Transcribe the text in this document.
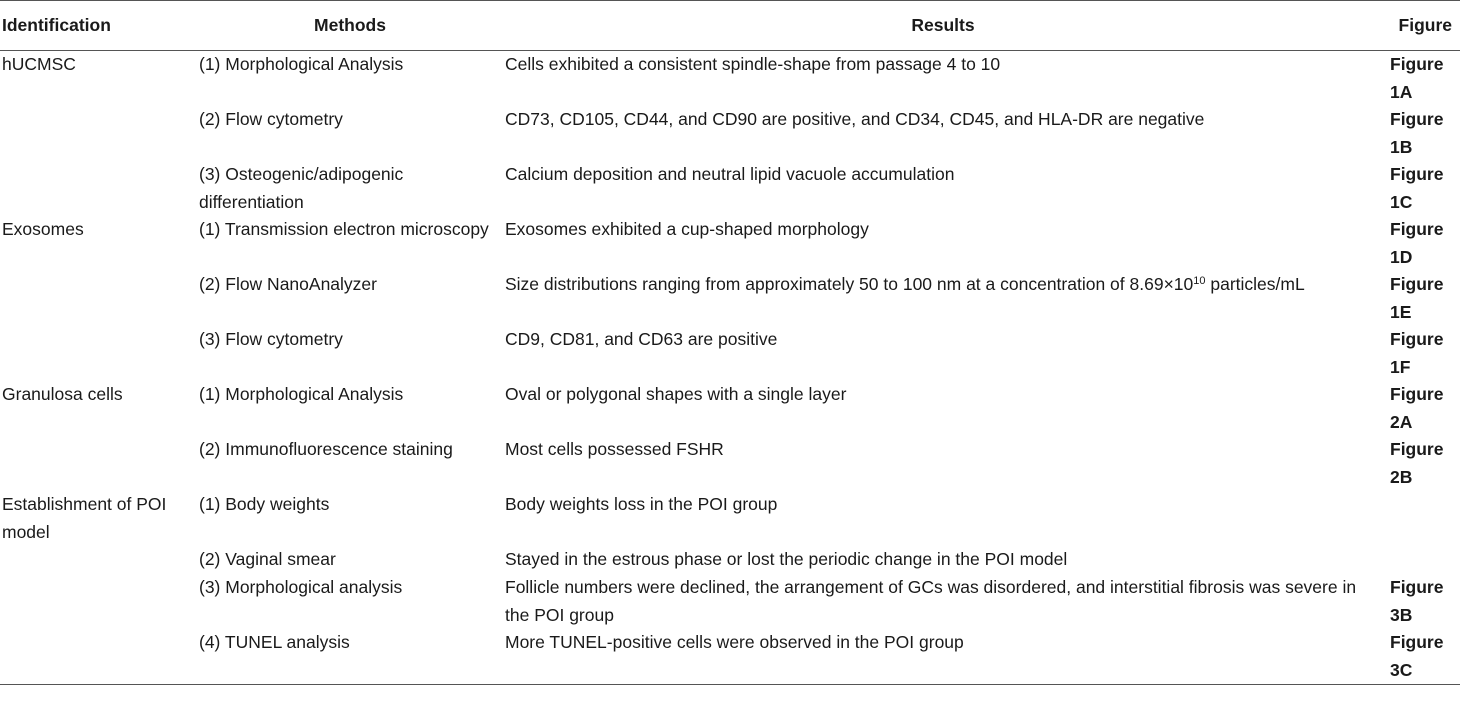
Identification	Methods	Results	Figure
hUCMSC	(1) Morphological Analysis	Cells exhibited a consistent spindle-shape from passage 4 to 10	Figure
1A
	(2) Flow cytometry	CD73, CD105, CD44, and CD90 are positive, and CD34, CD45, and HLA-DR are negative	Figure
1B
	(3) Osteogenic/adipogenic differentiation	Calcium deposition and neutral lipid vacuole accumulation	Figure
1C
Exosomes	(1) Transmission electron microscopy	Exosomes exhibited a cup-shaped morphology	Figure
1D
	(2) Flow NanoAnalyzer	Size distributions ranging from approximately 50 to 100 nm at a concentration of $8.69\times 10^{10}$ particles/mL	Figure
1E
	(3) Flow cytometry	CD9, CD81, and CD63 are positive	Figure
1F
Granulosa cells	(1) Morphological Analysis	Oval or polygonal shapes with a single layer	Figure
2A
	(2) Immunofluorescence staining	Most cells possessed FSHR	Figure
2B
Establishment of POI model	(1) Body weights	Body weights loss in the POI group	
	(2) Vaginal smear	Stayed in the estrous phase or lost the periodic change in the POI model	
	(3) Morphological analysis	Follicle numbers were declined, the arrangement of GCs was disordered, and interstitial fibrosis was severe in the POI group	Figure
3B
	(4) TUNEL analysis	More TUNEL-positive cells were observed in the POI group	Figure
3C
